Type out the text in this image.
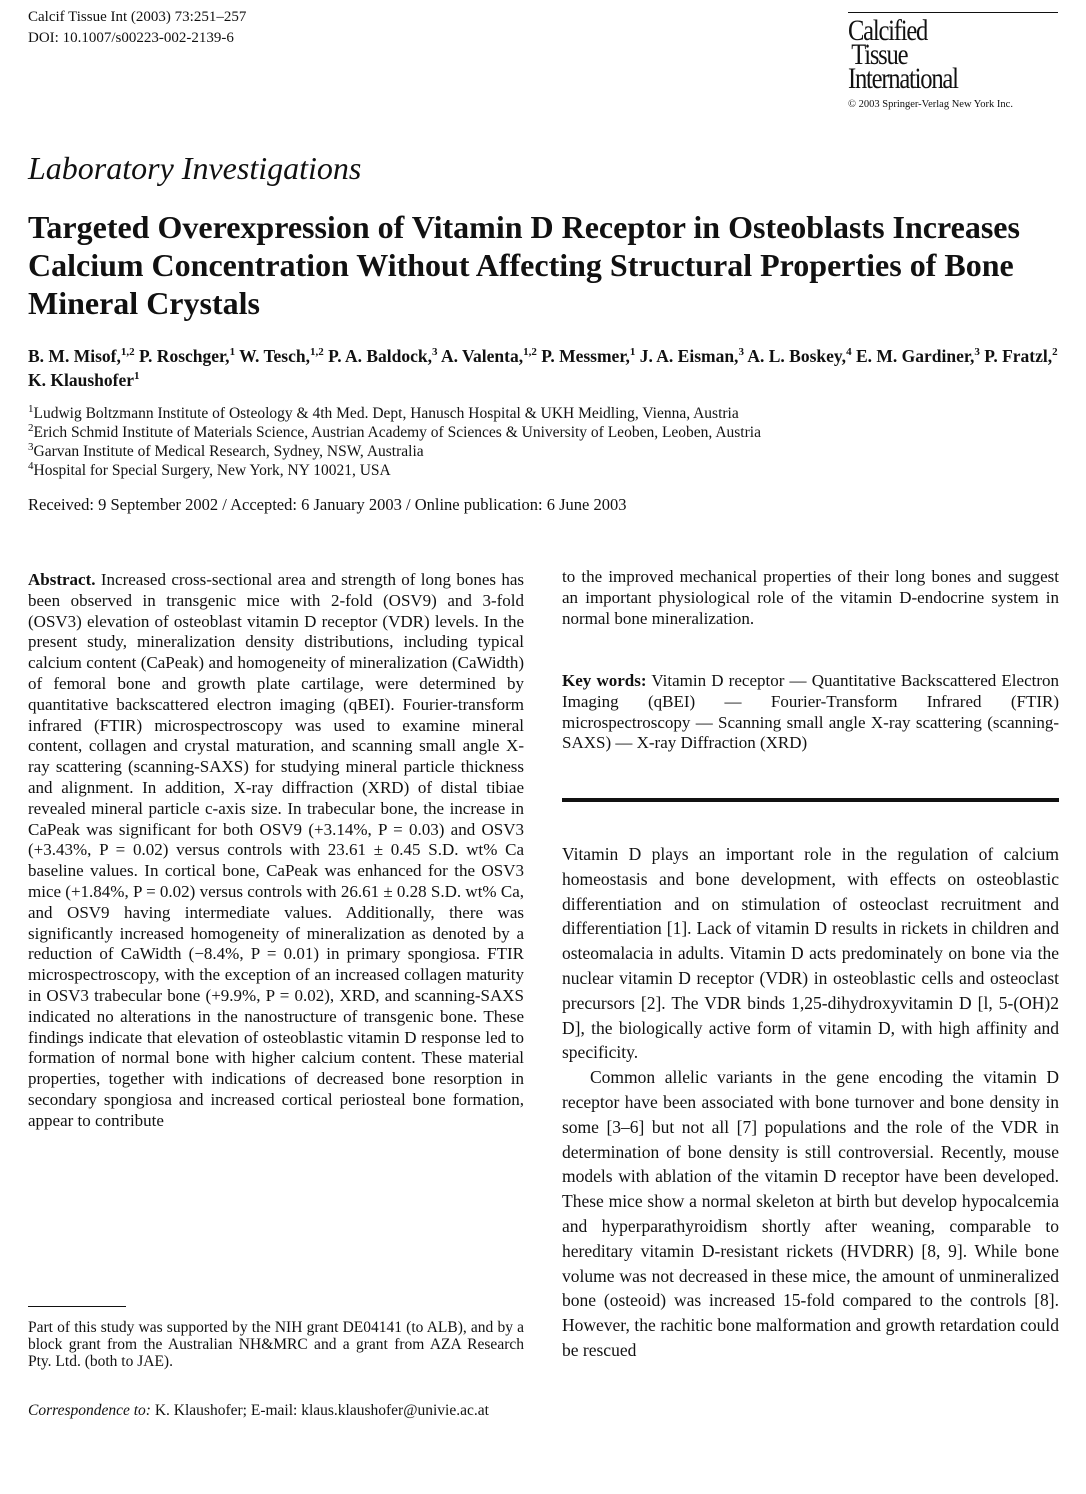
Calcif Tissue Int (2003) 73:251–257
DOI: 10.1007/s00223-002-2139-6	Calcified
Tissue
International
© 2003 Springer-Verlag New York Inc.
Laboratory Investigations
Targeted Overexpression of Vitamin D Receptor in Osteoblasts Increases Calcium Concentration Without Affecting Structural Properties of Bone Mineral Crystals
B. M. Misof,$^{1,2}$ P. Roschger,$^1$ W. Tesch,$^{1,2}$ P. A. Baldock,$^3$ A. Valenta,$^{1,2}$ P. Messmer,$^1$ J. A. Eisman,$^3$ A. L. Boskey,$^4$ E. M. Gardiner,$^3$ P. Fratzl,$^2$ K. Klaushofer$^1$
$^1$Ludwig Boltzmann Institute of Osteology & 4th Med. Dept, Hanusch Hospital & UKH Meidling, Vienna, Austria
$^2$Erich Schmid Institute of Materials Science, Austrian Academy of Sciences & University of Leoben, Leoben, Austria
$^3$Garvan Institute of Medical Research, Sydney, NSW, Australia
$^4$Hospital for Special Surgery, New York, NY 10021, USA
Received: 9 September 2002 / Accepted: 6 January 2003 / Online publication: 6 June 2003
Abstract. Increased cross-sectional area and strength of long bones has been observed in transgenic mice with 2-fold (OSV9) and 3-fold (OSV3) elevation of osteoblast vitamin D receptor (VDR) levels. In the present study, mineralization density distributions, including typical calcium content (CaPeak) and homogeneity of mineralization (CaWidth) of femoral bone and growth plate cartilage, were determined by quantitative backscattered electron imaging (qBEI). Fourier-transform infrared (FTIR) microspectroscopy was used to examine mineral content, collagen and crystal maturation, and scanning small angle X-ray scattering (scanning-SAXS) for studying mineral particle thickness and alignment. In addition, X-ray diffraction (XRD) of distal tibiae revealed mineral particle c-axis size. In trabecular bone, the increase in CaPeak was significant for both OSV9 (+3.14%, P = 0.03) and OSV3 (+3.43%, P = 0.02) versus controls with 23.61 ± 0.45 S.D. wt% Ca baseline values. In cortical bone, CaPeak was enhanced for the OSV3 mice (+1.84%, P = 0.02) versus controls with 26.61 ± 0.28 S.D. wt% Ca, and OSV9 having intermediate values. Additionally, there was significantly increased homogeneity of mineralization as denoted by a reduction of CaWidth (−8.4%, P = 0.01) in primary spongiosa. FTIR microspectroscopy, with the exception of an increased collagen maturity in OSV3 trabecular bone (+9.9%, P = 0.02), XRD, and scanning-SAXS indicated no alterations in the nanostructure of transgenic bone. These findings indicate that elevation of osteoblastic vitamin D response led to formation of normal bone with higher calcium content. These material properties, together with indications of decreased bone resorption in secondary spongiosa and increased cortical periosteal bone formation, appear to contribute
to the improved mechanical properties of their long bones and suggest an important physiological role of the vitamin D-endocrine system in normal bone mineralization.
Key words: Vitamin D receptor — Quantitative Backscattered Electron Imaging (qBEI) — Fourier-Transform Infrared (FTIR) microspectroscopy — Scanning small angle X-ray scattering (scanning-SAXS) — X-ray Diffraction (XRD)

Vitamin D plays an important role in the regulation of calcium homeostasis and bone development, with effects on osteoblastic differentiation and on stimulation of osteoclast recruitment and differentiation [1]. Lack of vitamin D results in rickets in children and osteomalacia in adults. Vitamin D acts predominately on bone via the nuclear vitamin D receptor (VDR) in osteoblastic cells and osteoclast precursors [2]. The VDR binds 1,25-dihydroxyvitamin D [l, 5-(OH)2 D], the biologically active form of vitamin D, with high affinity and specificity.

Common allelic variants in the gene encoding the vitamin D receptor have been associated with bone turnover and bone density in some [3–6] but not all [7] populations and the role of the VDR in determination of bone density is still controversial. Recently, mouse models with ablation of the vitamin D receptor have been developed. These mice show a normal skeleton at birth but develop hypocalcemia and hyperparathyroidism shortly after weaning, comparable to hereditary vitamin D-resistant rickets (HVDRR) [8, 9]. While bone volume was not decreased in these mice, the amount of unmineralized bone (osteoid) was increased 15-fold compared to the controls [8]. However, the rachitic bone malformation and growth retardation could be rescued

Part of this study was supported by the NIH grant DE04141 (to ALB), and by a block grant from the Australian NH&MRC and a grant from AZA Research Pty. Ltd. (both to JAE).
Correspondence to: K. Klaushofer; E-mail: klaus.klaushofer@univie.ac.at
